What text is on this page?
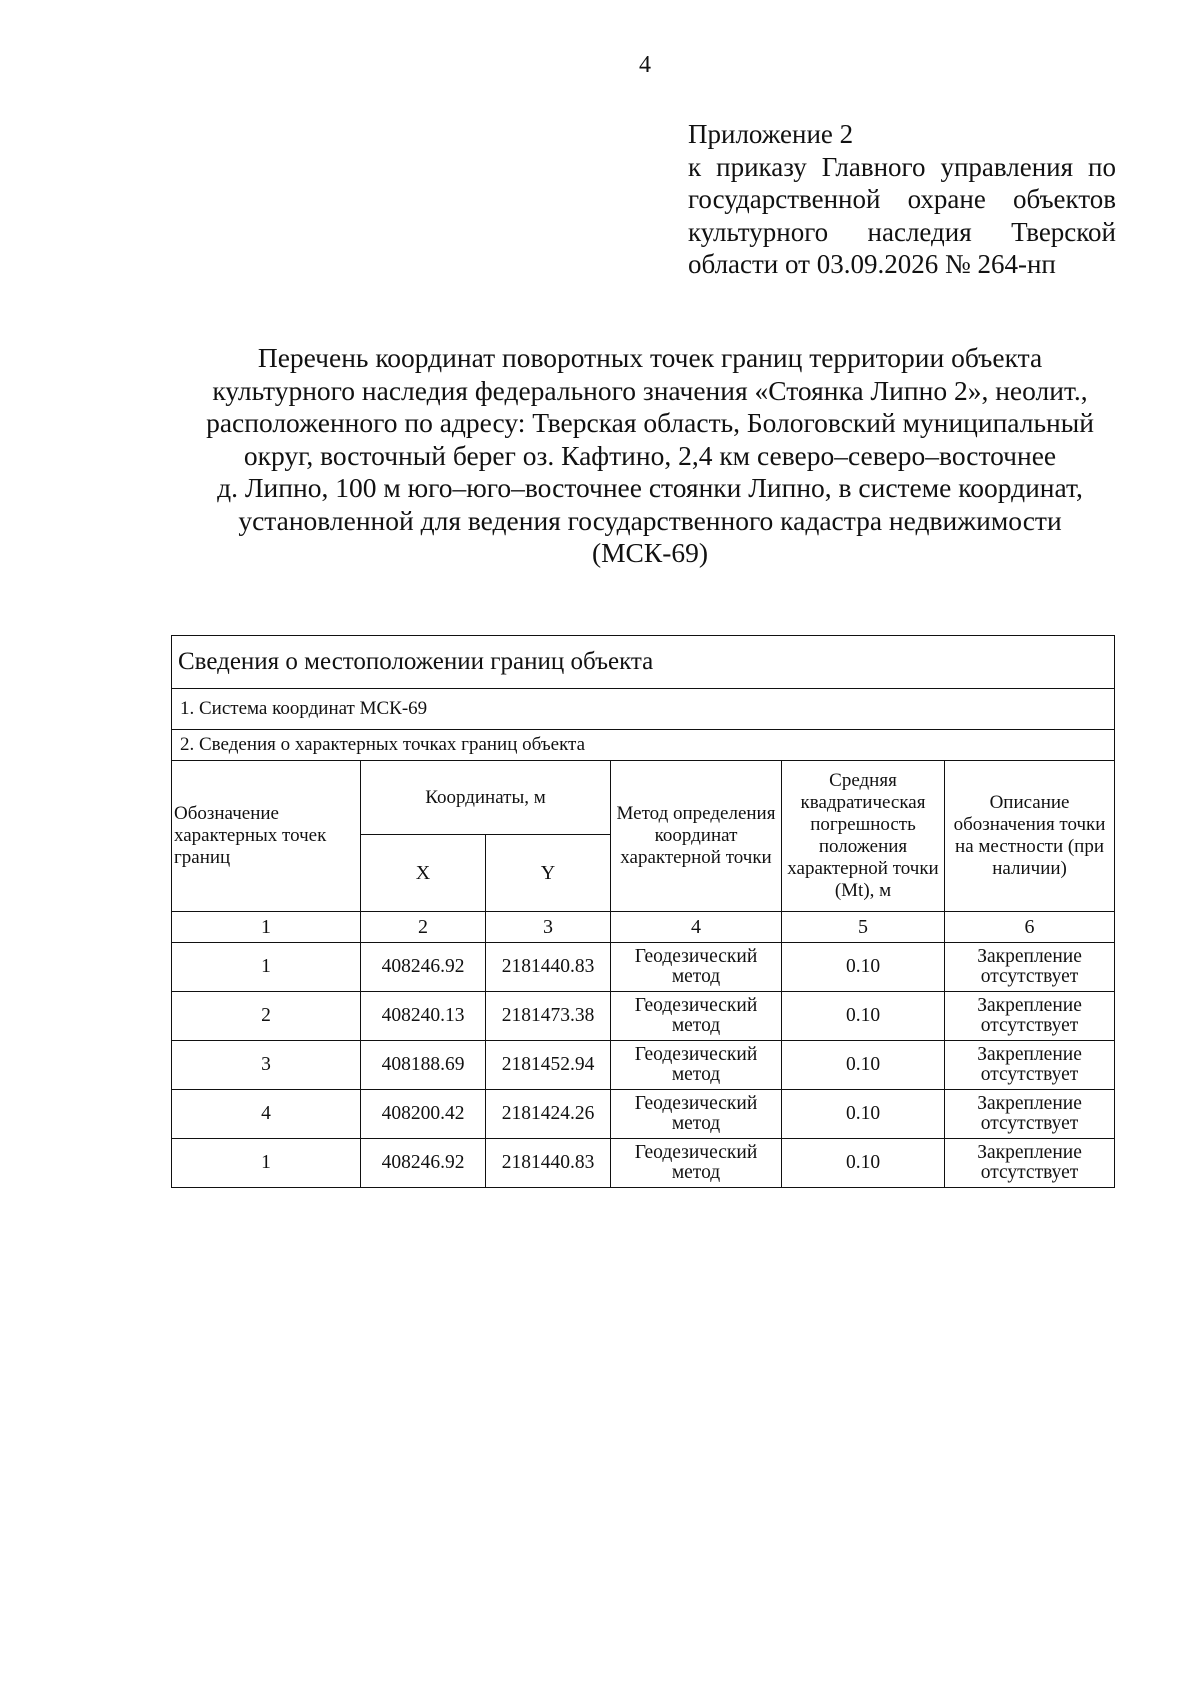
4
Приложение 2
к приказу Главного управления по
государственной охране объектов
культурного наследия Тверской
области от 03.09.2026 № 264-нп
Перечень координат поворотных точек границ территории объекта
культурного наследия федерального значения «Стоянка Липно 2», неолит.,
расположенного по адресу: Тверская область, Бологовский муниципальный
округ, восточный берег оз. Кафтино, 2,4 км северо–северо–восточнее
д. Липно, 100 м юго–юго–восточнее стоянки Липно, в системе координат,
установленной для ведения государственного кадастра недвижимости
(МСК-69)
Сведения о местоположении границ объекта					
1. Система координат МСК-69					
2. Сведения о характерных точках границ объекта					
Обозначение характерных точек границ	Координаты, м		Метод определения координат характерной точки	Средняя квадратическая погрешность положения характерной точки (Mt), м	Описание обозначения точки на местности (при наличии)
	X	Y			
1	2	3	4	5	6
1	408246.92	2181440.83	Геодезический метод	0.10	Закрепление отсутствует
2	408240.13	2181473.38	Геодезический метод	0.10	Закрепление отсутствует
3	408188.69	2181452.94	Геодезический метод	0.10	Закрепление отсутствует
4	408200.42	2181424.26	Геодезический метод	0.10	Закрепление отсутствует
1	408246.92	2181440.83	Геодезический метод	0.10	Закрепление отсутствует
